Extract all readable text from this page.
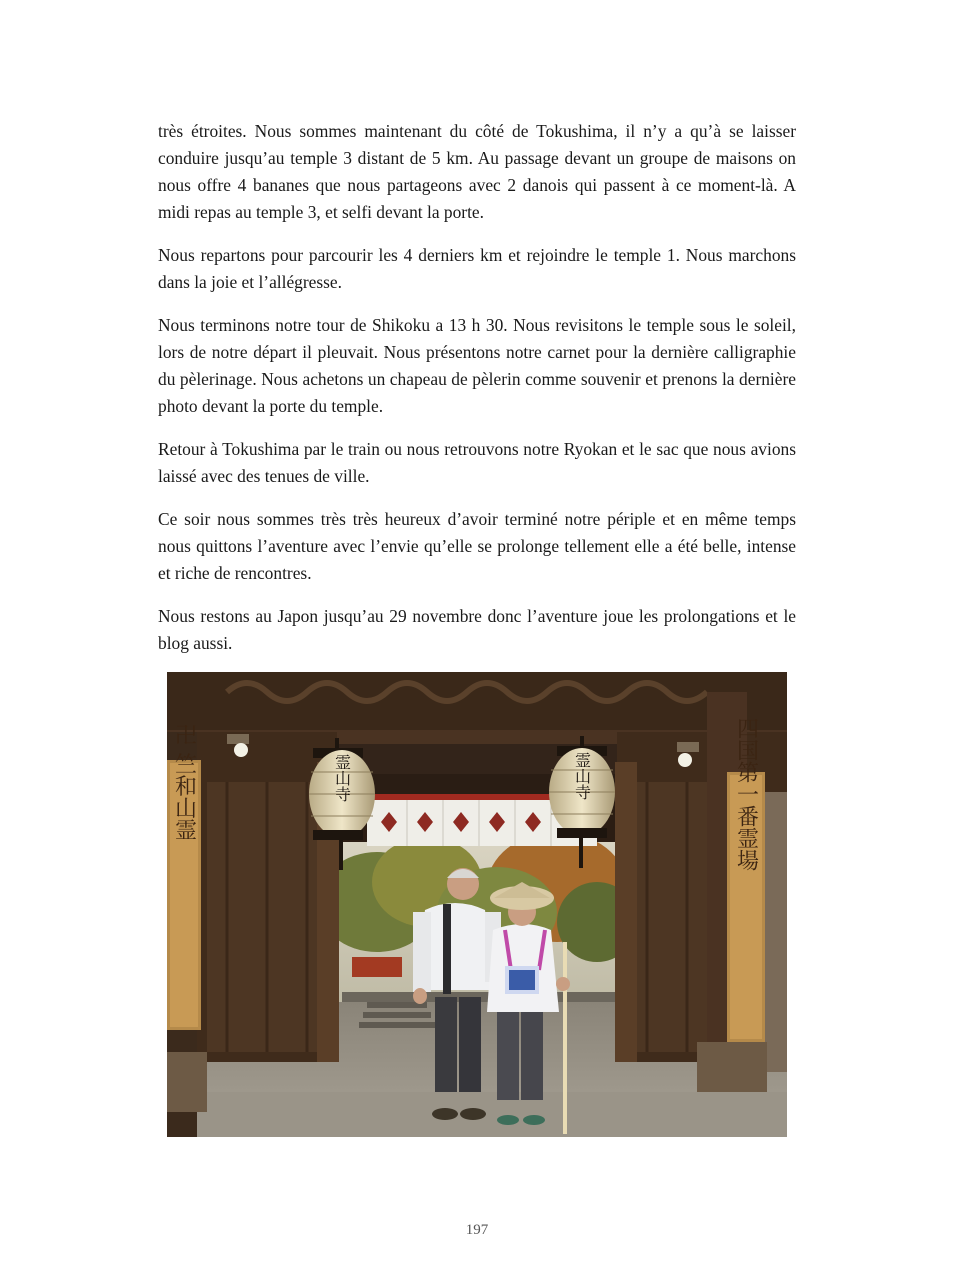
très étroites. Nous sommes maintenant du côté de Tokushima, il n’y a qu’à se laisser conduire jusqu’au temple 3 distant de 5 km. Au passage devant un groupe de maisons on nous offre 4 bananes que nous partageons avec 2 danois qui passent à ce moment-là. A midi repas au temple 3, et selfi devant la porte.

Nous repartons pour parcourir les 4 derniers km et rejoindre le temple 1. Nous marchons dans la joie et l’allégresse.

Nous terminons notre tour de Shikoku a 13 h 30. Nous revisitons le temple sous le soleil, lors de notre départ il pleuvait. Nous présentons notre carnet pour la dernière calligraphie du pèlerinage. Nous achetons un chapeau de pèlerin comme souvenir et prenons la dernière photo devant la porte du temple.

Retour à Tokushima par le train ou nous retrouvons notre Ryokan et le sac que nous avions laissé avec des tenues de ville.

Ce soir nous sommes très très heureux d’avoir terminé notre périple et en même temps nous quittons l’aventure avec l’envie qu’elle se prolonge tellement elle a été belle, intense et riche de rencontres.

Nous restons au Japon jusqu’au 29 novembre donc l’aventure joue les prolongations et le blog aussi.

霊山寺	霊山寺
卍 竺和山霊	四国第一番霊場
197
